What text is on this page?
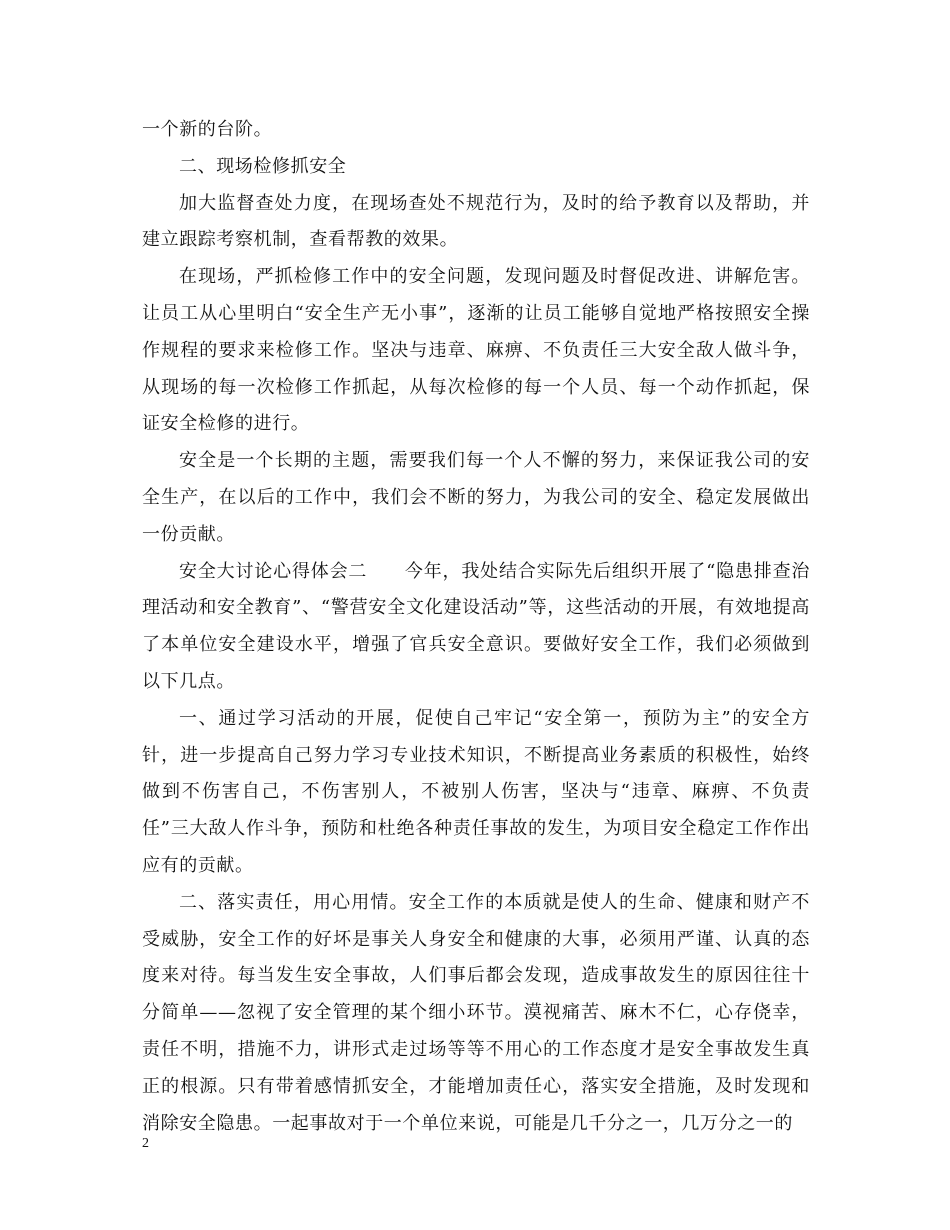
一个新的台阶。

二、现场检修抓安全

加大监督查处力度，在现场查处不规范行为，及时的给予教育以及帮助，并建立跟踪考察机制，查看帮教的效果。

在现场，严抓检修工作中的安全问题，发现问题及时督促改进、讲解危害。让员工从心里明白“安全生产无小事”，逐渐的让员工能够自觉地严格按照安全操作规程的要求来检修工作。坚决与违章、麻痹、不负责任三大安全敌人做斗争，从现场的每一次检修工作抓起，从每次检修的每一个人员、每一个动作抓起，保证安全检修的进行。

安全是一个长期的主题，需要我们每一个人不懈的努力，来保证我公司的安全生产，在以后的工作中，我们会不断的努力，为我公司的安全、稳定发展做出一份贡献。

安全大讨论心得体会二　　今年，我处结合实际先后组织开展了“隐患排查治理活动和安全教育”、“警营安全文化建设活动”等，这些活动的开展，有效地提高了本单位安全建设水平，增强了官兵安全意识。要做好安全工作，我们必须做到以下几点。

一、通过学习活动的开展，促使自己牢记“安全第一，预防为主”的安全方针，进一步提高自己努力学习专业技术知识，不断提高业务素质的积极性，始终做到不伤害自己，不伤害别人，不被别人伤害，坚决与“违章、麻痹、不负责任”三大敌人作斗争，预防和杜绝各种责任事故的发生，为项目安全稳定工作作出应有的贡献。

二、落实责任，用心用情。安全工作的本质就是使人的生命、健康和财产不受威胁，安全工作的好坏是事关人身安全和健康的大事，必须用严谨、认真的态度来对待。每当发生安全事故，人们事后都会发现，造成事故发生的原因往往十分简单——忽视了安全管理的某个细小环节。漠视痛苦、麻木不仁，心存侥幸，责任不明，措施不力，讲形式走过场等等不用心的工作态度才是安全事故发生真正的根源。只有带着感情抓安全，才能增加责任心，落实安全措施，及时发现和消除安全隐患。一起事故对于一个单位来说，可能是几千分之一，几万分之一的

2
